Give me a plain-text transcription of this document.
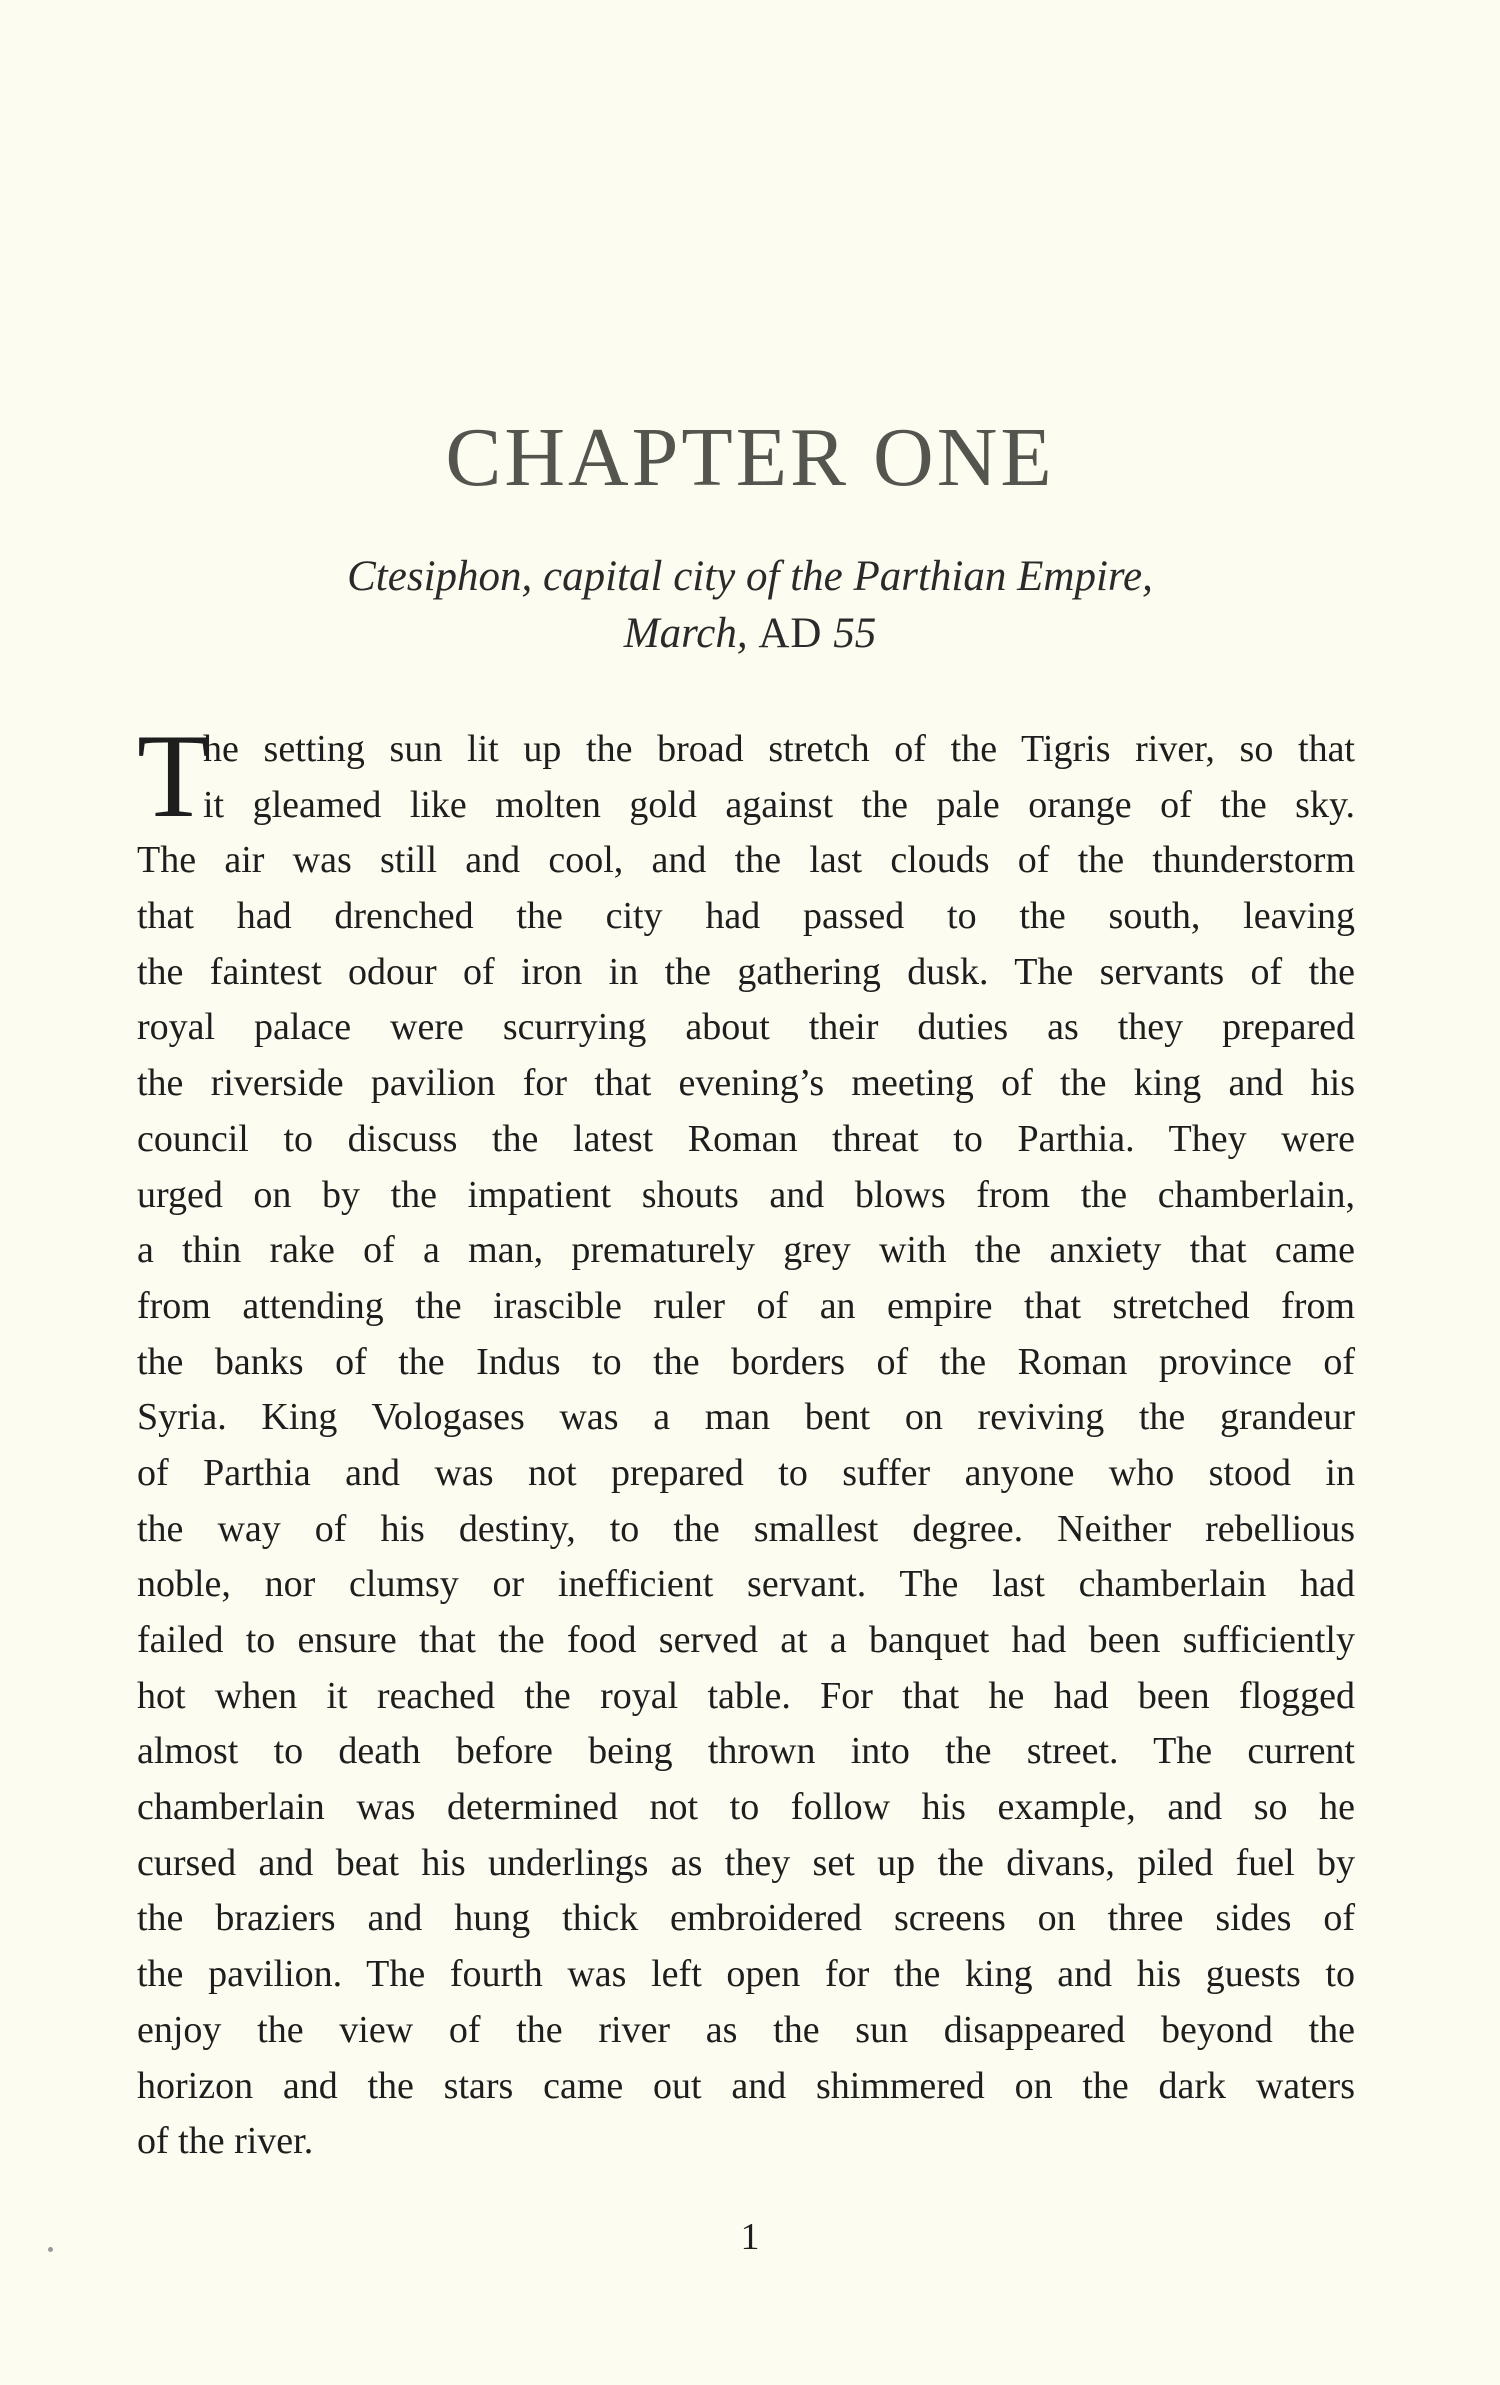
CHAPTER ONE
Ctesiphon, capital city of the Parthian Empire,
March, AD 55
T
he setting sun lit up the broad stretch of the Tigris river, so that
it gleamed like molten gold against the pale orange of the sky.
The air was still and cool, and the last clouds of the thunderstorm
that had drenched the city had passed to the south, leaving
the faintest odour of iron in the gathering dusk. The servants of the
royal palace were scurrying about their duties as they prepared
the riverside pavilion for that evening’s meeting of the king and his
council to discuss the latest Roman threat to Parthia. They were
urged on by the impatient shouts and blows from the chamberlain,
a thin rake of a man, prematurely grey with the anxiety that came
from attending the irascible ruler of an empire that stretched from
the banks of the Indus to the borders of the Roman province of
Syria. King Vologases was a man bent on reviving the grandeur
of Parthia and was not prepared to suffer anyone who stood in
the way of his destiny, to the smallest degree. Neither rebellious
noble, nor clumsy or inefficient servant. The last chamberlain had
failed to ensure that the food served at a banquet had been sufficiently
hot when it reached the royal table. For that he had been flogged
almost to death before being thrown into the street. The current
chamberlain was determined not to follow his example, and so he
cursed and beat his underlings as they set up the divans, piled fuel by
the braziers and hung thick embroidered screens on three sides of
the pavilion. The fourth was left open for the king and his guests to
enjoy the view of the river as the sun disappeared beyond the
horizon and the stars came out and shimmered on the dark waters
of the river.
1
